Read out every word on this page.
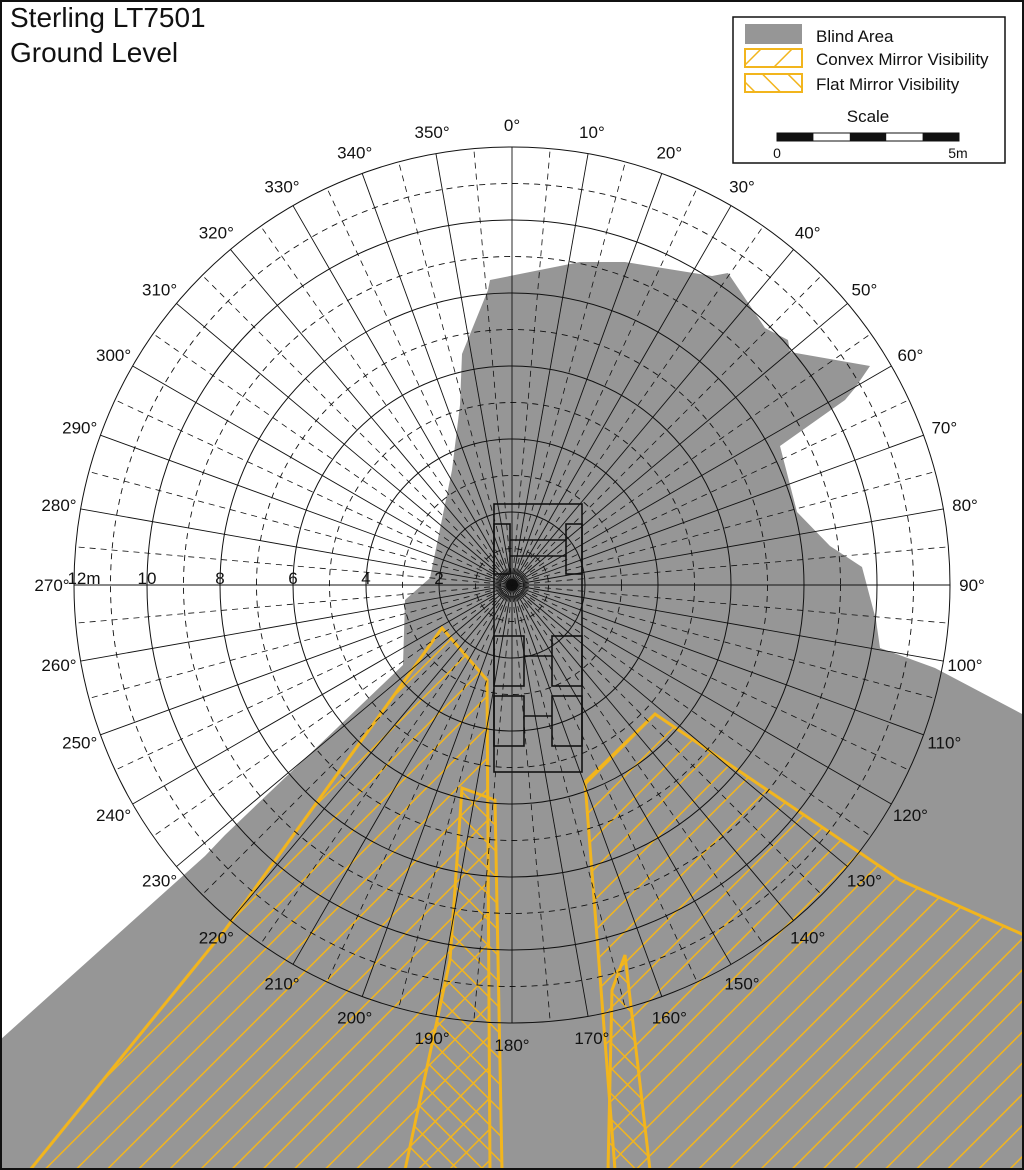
Sterling LT7501
Ground Level
Blind Area
Convex Mirror Visibility
Flat Mirror Visibility
Scale
0	5m
0°	10°
20°
30°
40°
50°
60°
70°
80°
90°
100°
110°
120°
130°
140°
150°
160°
170°
180°
190°
200°
210°
220°
230°
240°
250°
260°
270°
280°
290°
300°
310°
320°
330°
340°
350°
12m 10	8	6	4	2
